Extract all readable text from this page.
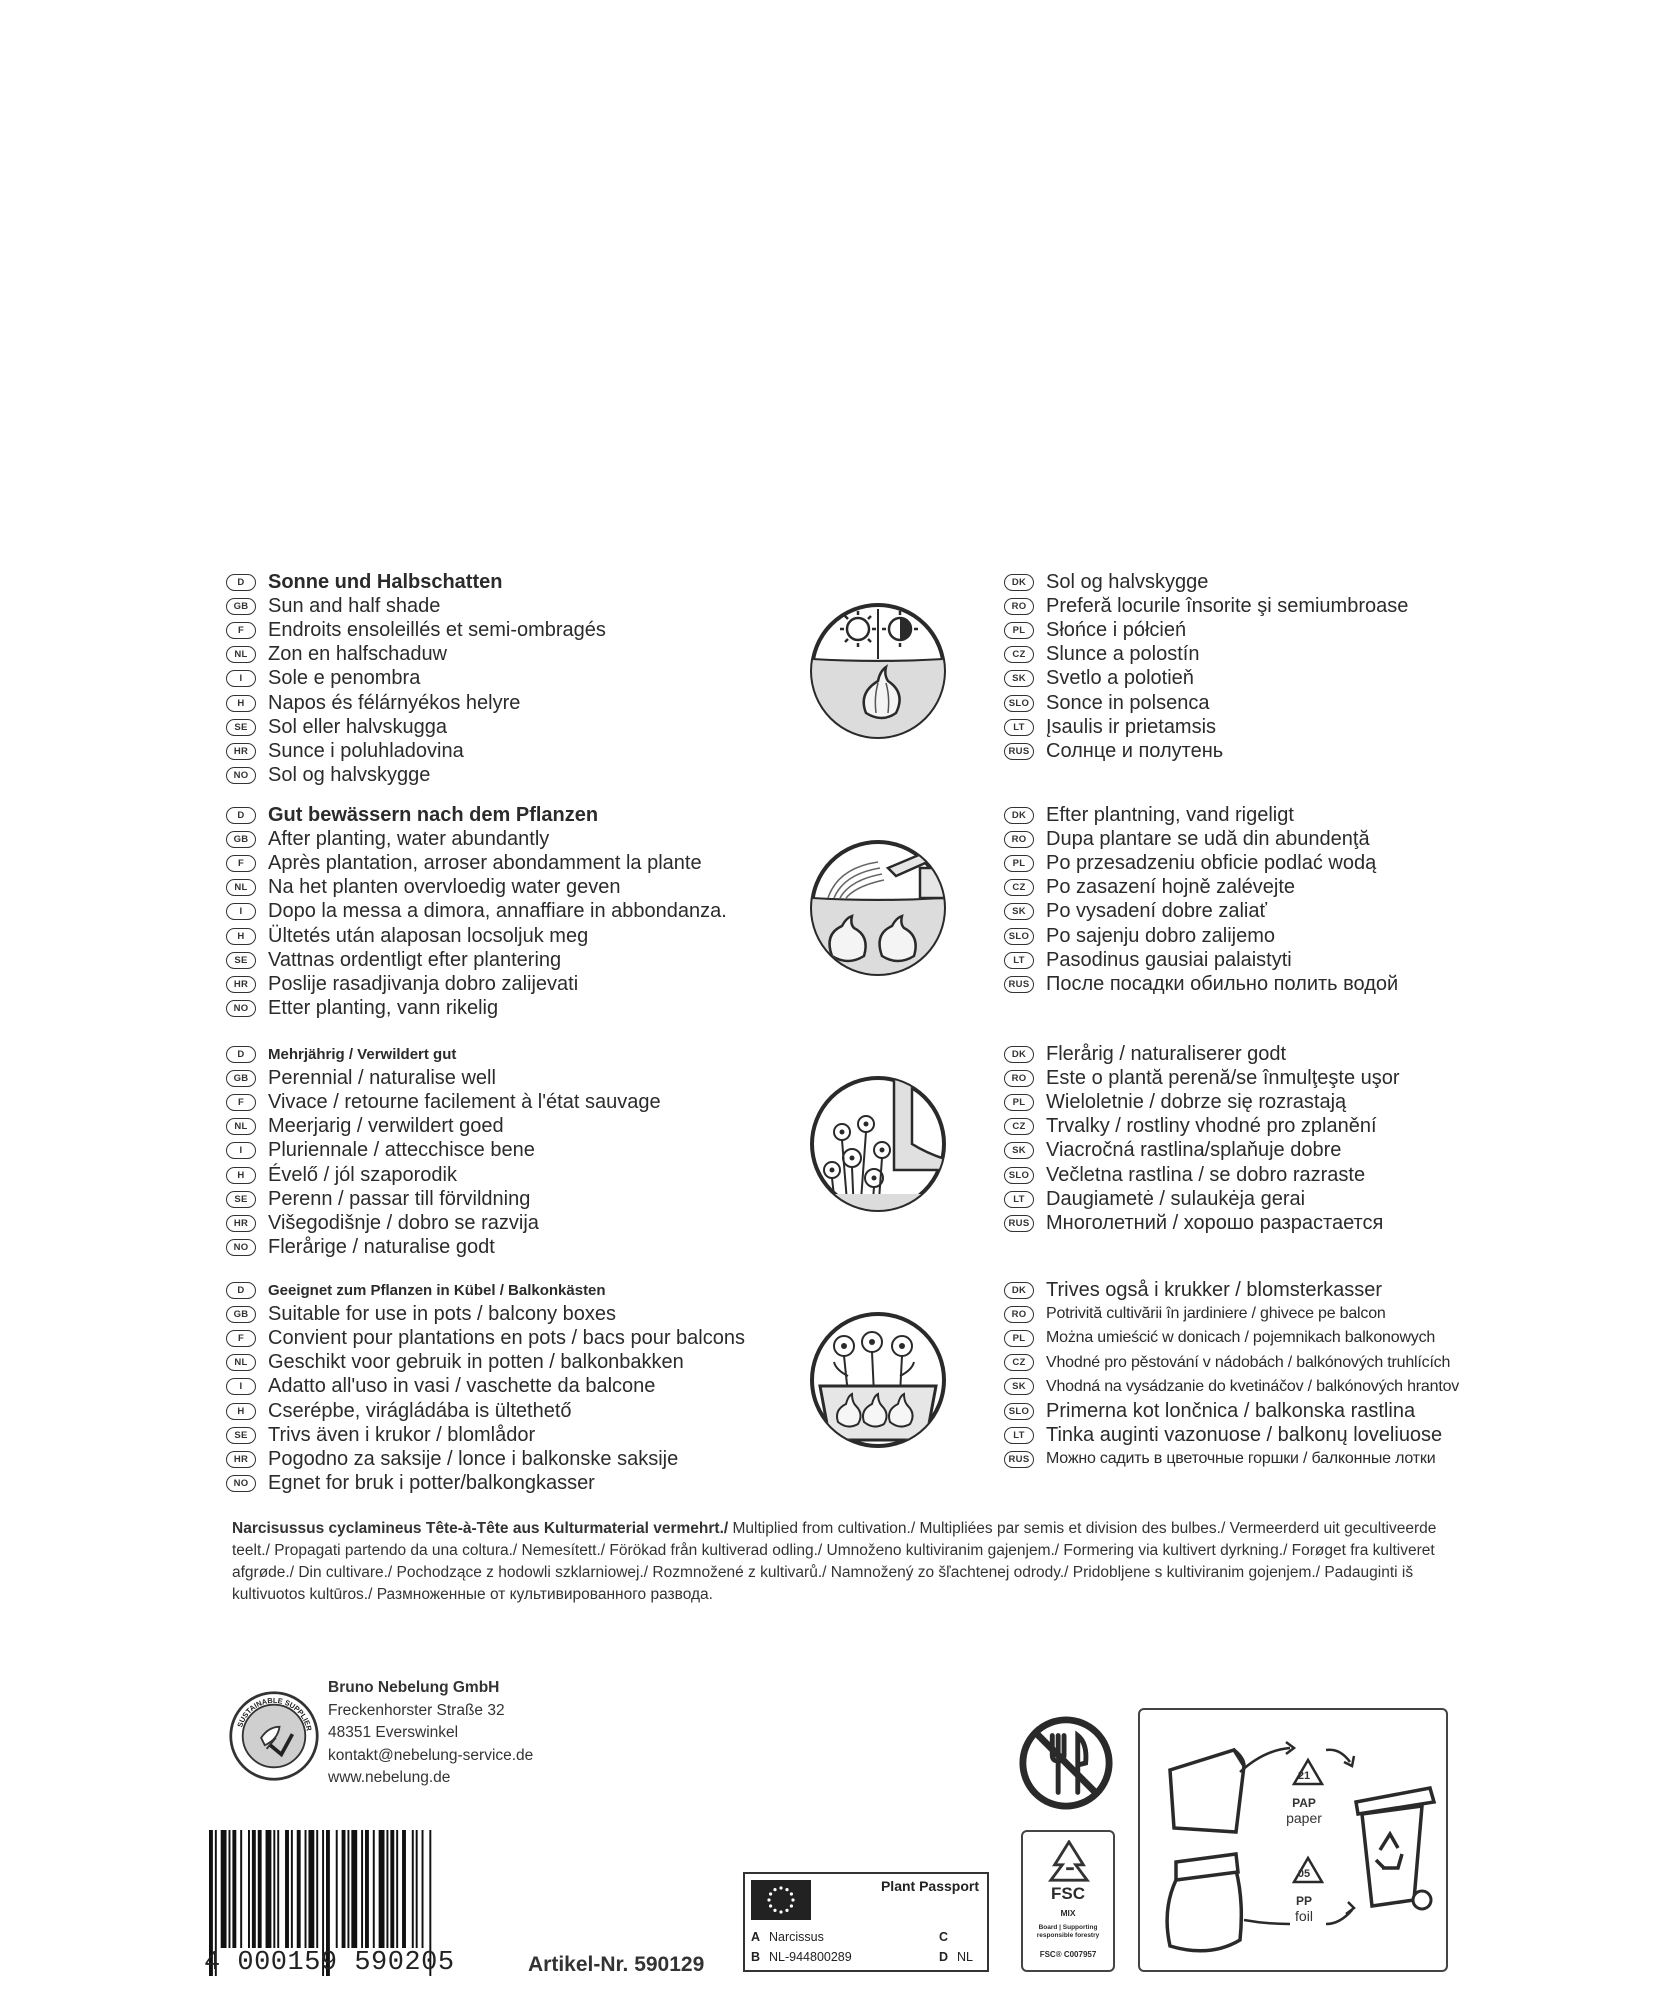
D	Sonne und Halbschatten
GB Sun and half shade
F	Endroits ensoleillés et semi-ombragés
NL	Zon en halfschaduw
I	Sole e penombra
H	Napos és félárnyékos helyre
SE	Sol eller halvskugga
HR Sunce i poluhladovina
NO Sol og halvskygge
D	Gut bewässern nach dem Pflanzen
GB After planting, water abundantly
F	Après plantation, arroser abondamment la plante
NL	Na het planten overvloedig water geven
I	Dopo la messa a dimora, annaffiare in abbondanza.
H	Ültetés után alaposan locsoljuk meg
SE	Vattnas ordentligt efter plantering
HR Poslije rasadjivanja dobro zalijevati
NO Etter planting, vann rikelig
D	Mehrjährig / Verwildert gut
GB Perennial / naturalise well
F	Vivace / retourne facilement à l'état sauvage
NL	Meerjarig / verwildert goed
I	Pluriennale / attecchisce bene
H	Évelő / jól szaporodik
SE	Perenn / passar till förvildning
HR Višegodišnje / dobro se razvija
NO Flerårige / naturalise godt
D	Geeignet zum Pflanzen in Kübel / Balkonkästen
GB Suitable for use in pots / balcony boxes
F	Convient pour plantations en pots / bacs pour balcons
NL	Geschikt voor gebruik in potten / balkonbakken
I	Adatto all'uso in vasi / vaschette da balcone
H	Cserépbe, virágládába is ültethető
SE	Trivs även i krukor / blomlådor
HR Pogodno za saksije / lonce i balkonske saksije
NO Egnet for bruk i potter/balkongkasser
DK Sol og halvskygge
RO Preferă locurile însorite şi semiumbroase
PL	Słońce i półcień
CZ	Slunce a polostín
SK	Svetlo a polotieň
SLO Sonce in polsenca
LT	Įsaulis ir prietamsis
RUS Солнце и полутень
DK Efter plantning, vand rigeligt
RO Dupa plantare se udă din abundenţă
PL	Po przesadzeniu obficie podlać wodą
CZ	Po zasazení hojně zalévejte
SK	Po vysadení dobre zaliať
SLO Po sajenju dobro zalijemo
LT	Pasodinus gausiai palaistyti
RUS После посадки обильно полить водой
DK Flerårig / naturaliserer godt
RO Este o plantă perenă/se înmulţeşte uşor
PL	Wieloletnie / dobrze się rozrastają
CZ	Trvalky / rostliny vhodné pro zplanění
SK	Viacročná rastlina/splaňuje dobre
SLO Večletna rastlina / se dobro razraste
LT	Daugiametė / sulaukėja gerai
RUS Многолетний / хорошо разрастается
DK Trives også i krukker / blomsterkasser
RO	Potrivită cultivării în jardiniere / ghivece pe balcon
PL	Można umieścić w donicach / pojemnikach balkonowych
CZ	Vhodné pro pěstování v nádobách / balkónových truhlících
SK	Vhodná na vysádzanie do kvetináčov / balkónových hrantov
SLO Primerna kot lončnica / balkonska rastlina
LT	Tinka auginti vazonuose / balkonų loveliuose
RUS Можно садить в цветочные горшки / балконные лотки
Narcisussus cyclamineus Tête-à-Tête aus Kulturmaterial vermehrt./ Multiplied from cultivation./ Multipliées par semis et division des bulbes./ Vermeerderd uit gecultiveerde teelt./ Propagati partendo da una coltura./ Nemesített./ Förökad från kultiverad odling./ Umnoženo kultiviranim gajenjem./ Formering via kultivert dyrkning./ Forøget fra kultiveret afgrøde./ Din cultivare./ Pochodzące z hodowli szklarniowej./ Rozmnožené z kultivarů./ Namnožený zo šľachtenej odrody./ Pridobljene s kultiviranim gojenjem./ Padauginti iš kultivuotos kultūros./ Размноженные от культивированного развода.
SUSTAINABLE SUPPLIER
Bruno Nebelung GmbH
Freckenhorster Straße 32
48351 Everswinkel
kontakt@nebelung-service.de
www.nebelung.de
4 000159 590205	Artikel-Nr. 590129
Plant Passport
A Narcissus
B NL-944800289
C
D NL
FSC
MIX
Board | Supporting responsible forestry
FSC® C007957
21
PAP
paper
05
PP
foil
